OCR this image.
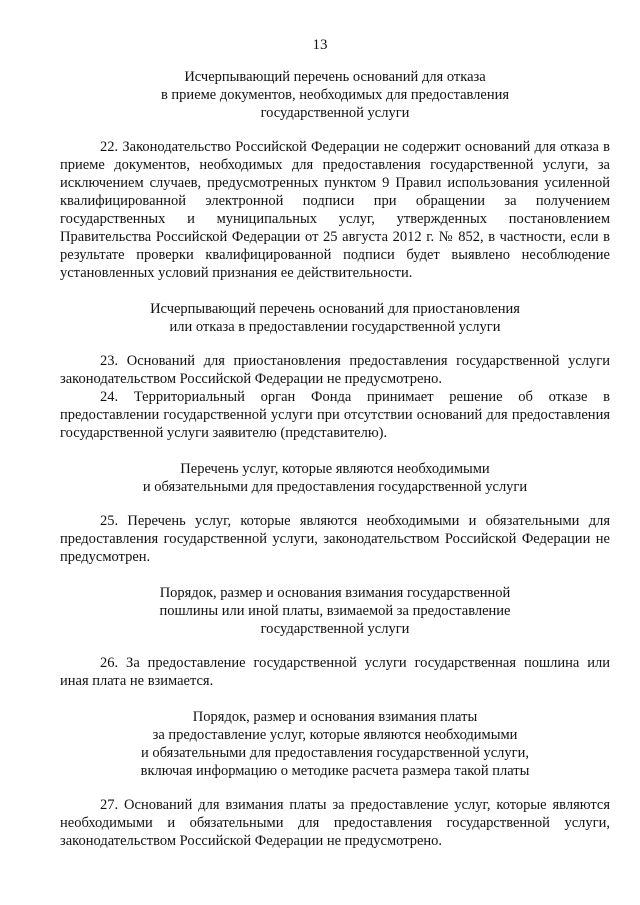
13
Исчерпывающий перечень оснований для отказа
в приеме документов, необходимых для предоставления
государственной услуги

22. Законодательство Российской Федерации не содержит оснований для отказа в приеме документов, необходимых для предоставления государственной услуги, за исключением случаев, предусмотренных пунктом 9 Правил использования усиленной квалифицированной электронной подписи при обращении за получением государственных и муниципальных услуг, утвержденных постановлением Правительства Российской Федерации от 25 августа 2012 г. № 852, в частности, если в результате проверки квалифицированной подписи будет выявлено несоблюдение установленных условий признания ее действительности.

Исчерпывающий перечень оснований для приостановления
или отказа в предоставлении государственной услуги

23. Оснований для приостановления предоставления государственной услуги законодательством Российской Федерации не предусмотрено.

24. Территориальный орган Фонда принимает решение об отказе в предоставлении государственной услуги при отсутствии оснований для предоставления государственной услуги заявителю (представителю).

Перечень услуг, которые являются необходимыми
и обязательными для предоставления государственной услуги

25. Перечень услуг, которые являются необходимыми и обязательными для предоставления государственной услуги, законодательством Российской Федерации не предусмотрен.

Порядок, размер и основания взимания государственной
пошлины или иной платы, взимаемой за предоставление
государственной услуги

26. За предоставление государственной услуги государственная пошлина или иная плата не взимается.

Порядок, размер и основания взимания платы
за предоставление услуг, которые являются необходимыми
и обязательными для предоставления государственной услуги,
включая информацию о методике расчета размера такой платы

27. Оснований для взимания платы за предоставление услуг, которые являются необходимыми и обязательными для предоставления государственной услуги, законодательством Российской Федерации не предусмотрено.
